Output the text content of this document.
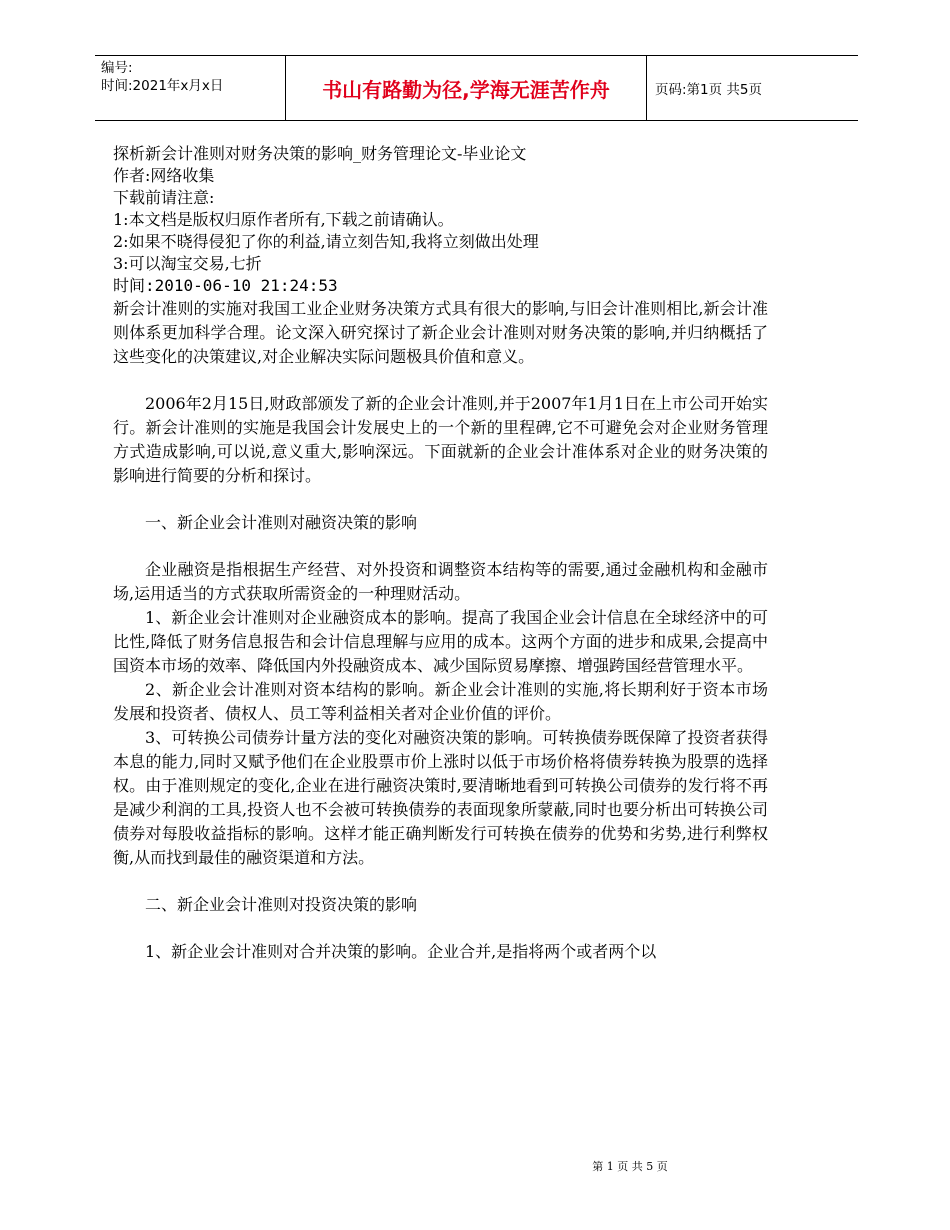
编号:
时间:2021年x月x日	书山有路勤为径,学海无涯苦作舟	页码:第1页 共5页

探析新会计准则对财务决策的影响_财务管理论文-毕业论文

作者:网络收集

下载前请注意:

1:本文档是版权归原作者所有,下载之前请确认。

2:如果不晓得侵犯了你的利益,请立刻告知,我将立刻做出处理

3:可以淘宝交易,七折

时间:2010-06-10 21:24:53

新会计准则的实施对我国工业企业财务决策方式具有很大的影响,与旧会计准则相比,新会计准则体系更加科学合理。论文深入研究探讨了新企业会计准则对财务决策的影响,并归纳概括了这些变化的决策建议,对企业解决实际问题极具价值和意义。

2006年2月15日,财政部颁发了新的企业会计准则,并于2007年1月1日在上市公司开始实行。新会计准则的实施是我国会计发展史上的一个新的里程碑,它不可避免会对企业财务管理方式造成影响,可以说,意义重大,影响深远。下面就新的企业会计准体系对企业的财务决策的影响进行简要的分析和探讨。

一、新企业会计准则对融资决策的影响

企业融资是指根据生产经营、对外投资和调整资本结构等的需要,通过金融机构和金融市场,运用适当的方式获取所需资金的一种理财活动。

1、新企业会计准则对企业融资成本的影响。提高了我国企业会计信息在全球经济中的可比性,降低了财务信息报告和会计信息理解与应用的成本。这两个方面的进步和成果,会提高中国资本市场的效率、降低国内外投融资成本、减少国际贸易摩擦、增强跨国经营管理水平。

2、新企业会计准则对资本结构的影响。新企业会计准则的实施,将长期利好于资本市场发展和投资者、债权人、员工等利益相关者对企业价值的评价。

3、可转换公司债券计量方法的变化对融资决策的影响。可转换债券既保障了投资者获得本息的能力,同时又赋予他们在企业股票市价上涨时以低于市场价格将债券转换为股票的选择权。由于准则规定的变化,企业在进行融资决策时,要清晰地看到可转换公司债券的发行将不再是减少利润的工具,投资人也不会被可转换债券的表面现象所蒙蔽,同时也要分析出可转换公司债券对每股收益指标的影响。这样才能正确判断发行可转换在债券的优势和劣势,进行利弊权衡,从而找到最佳的融资渠道和方法。

二、新企业会计准则对投资决策的影响

1、新企业会计准则对合并决策的影响。企业合并,是指将两个或者两个以

第 1 页 共 5 页
